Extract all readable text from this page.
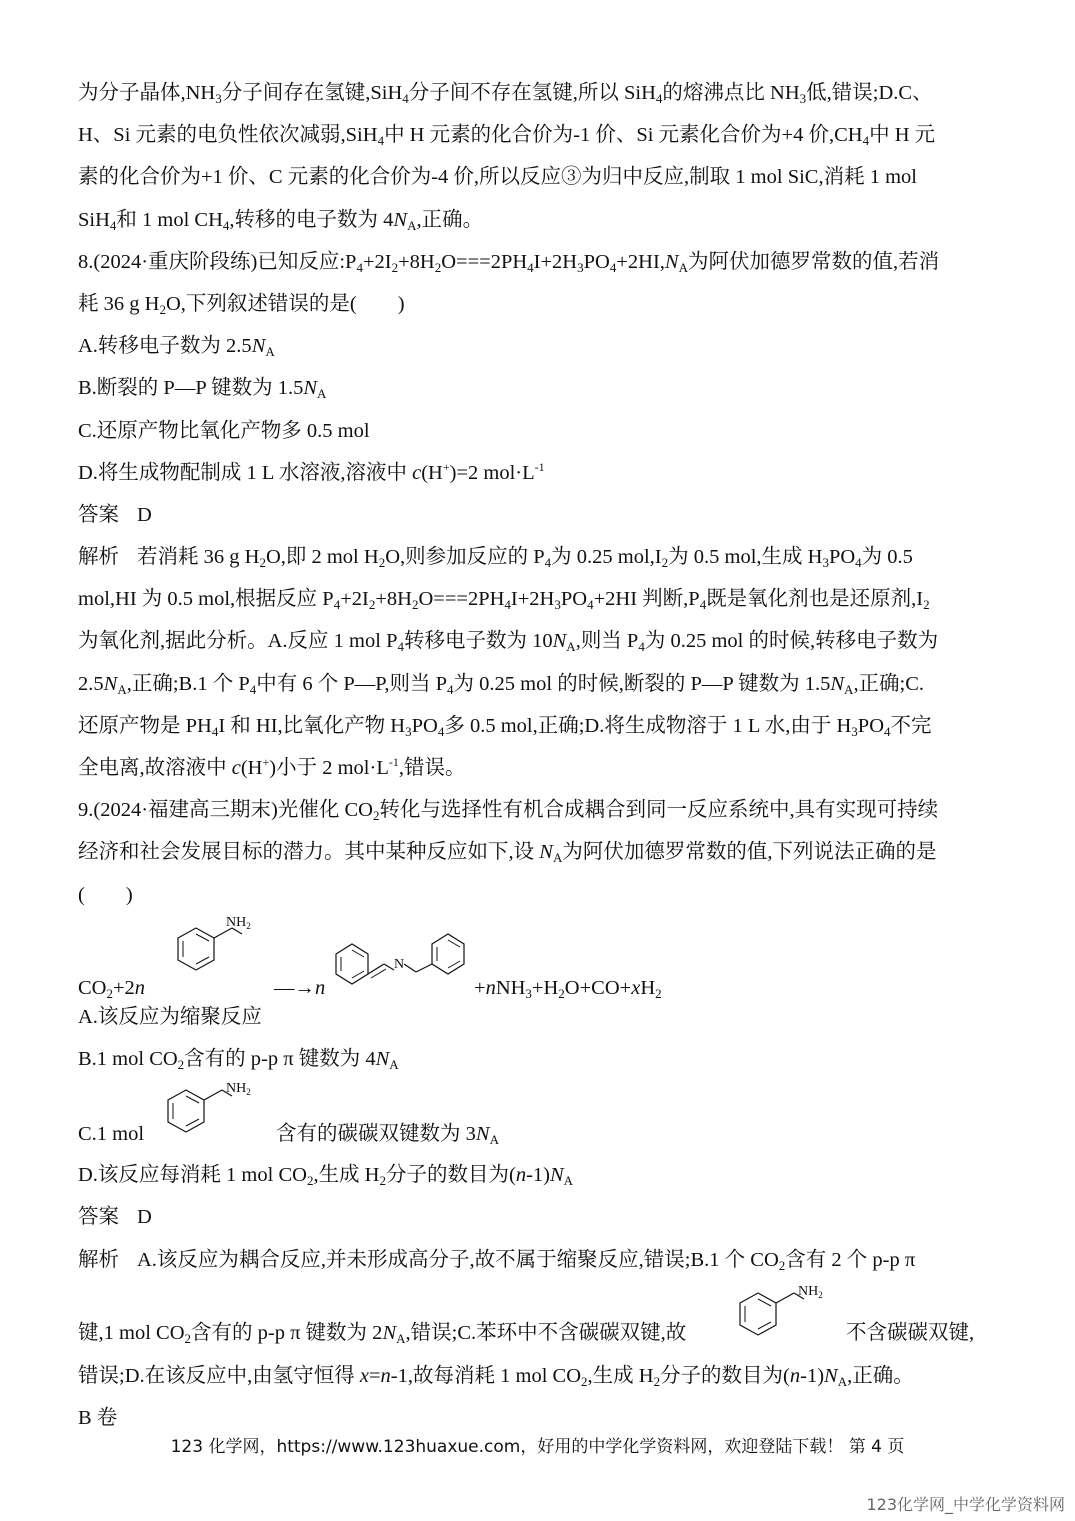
为分子晶体$,NH_3$分子间存在氢键,SiH$_4$分子间不存在氢键,所以 SiH$_4$的熔沸点比 $NH_3$低,错误;D.C、
H、Si 元素的电负性依次减弱,SiH$_4$中 H 元素的化合价为-1 价、Si 元素化合价为+4 价$,CH_4$中 H 元
素的化合价为+1 价、C 元素的化合价为-4 价,所以反应③为归中反应,制取 1 mol SiC,消耗 1 mol
SiH$_4$和 1 mol $CH_4$,转移的电子数为 $4N_A$,正确。
8.(2024·重庆阶段练)已知反应$:P_4+2I_2+8H_2O===2PH_4I+2H_3PO_4+2HI,N_A$为阿伏加德罗常数的值,若消
耗 36 g $H_2O$,下列叙述错误的是(　　)
A.转移电子数为 $2.5N_A$
B.断裂的 P—P 键数为 $1.5N_A$
C.还原产物比氧化产物多 0.5 mol
D.将生成物配制成 1 L 水溶液,溶液中 c(H+)=2 $mol\cdot L^{-1}$
答案 D
解析 若消耗 36 g $H_2O$,即 2 mol $H_2O$,则参加反应的 $P_4$为 0.25 $mol,I_2$为 0.5 mol,生成 $H_3PO_4$为 0.5
mol,HI 为 0.5 mol,根据反应 $P_4+2I_2+8H_2O===2PH_4I+2H_3PO_4+2HI$ 判断$,P_4$既是氧化剂也是还原剂$,I_2$
为氧化剂,据此分析。A.反应 1 mol $P_4$转移电子数为 $10N_A$,则当 $P_4$为 0.25 mol 的时候,转移电子数为
$2.5N_A$,正确;B.1 个 $P_4$中有 6 个 P—P,则当 $P_4$为 0.25 mol 的时候,断裂的 P—P 键数为 $1.5N_A$,正确;C.
还原产物是 $PH_4I$ 和 HI,比氧化产物 $H_3PO_4$多 0.5 mol,正确;D.将生成物溶于 1 L 水,由于 $H_3PO_4$不完
全电离,故溶液中 c(H+)小于 2 $mol\cdot L^{-1}$,错误。
9.(2024·福建高三期末)光催化 $CO_2$转化与选择性有机合成耦合到同一反应系统中,具有实现可持续
经济和社会发展目标的潜力。其中某种反应如下,设 $N_A$为阿伏加德罗常数的值,下列说法正确的是
(　　)
$CO_2+2n$
$NH_2$
—→n
N
$+nNH_3+H_2O+CO+xH_2$
A.该反应为缩聚反应
B.1 mol $CO_2$含有的 p-p π 键数为 $4N_A$
C.1 mol
$NH_2$
含有的碳碳双键数为 $3N_A$
D.该反应每消耗 1 mol $CO_2$,生成 $H_2$分子的数目为$(n-1)N_A$
答案 D
解析 A.该反应为耦合反应,并未形成高分子,故不属于缩聚反应,错误;B.1 个 $CO_2$含有 2 个 p-p π
键,1 mol $CO_2$含有的 p-p π 键数为 $2N_A$,错误;C.苯环中不含碳碳双键,故
$NH_2$
不含碳碳双键,
错误;D.在该反应中,由氢守恒得 x=n-1,故每消耗 1 mol $CO_2$,生成 $H_2$分子的数目为$(n-1)N_A$,正确。
B 卷
123 化学网，https://www.123huaxue.com，好用的中学化学资料网，欢迎登陆下载！ 第 4 页
123化学网_中学化学资料网
